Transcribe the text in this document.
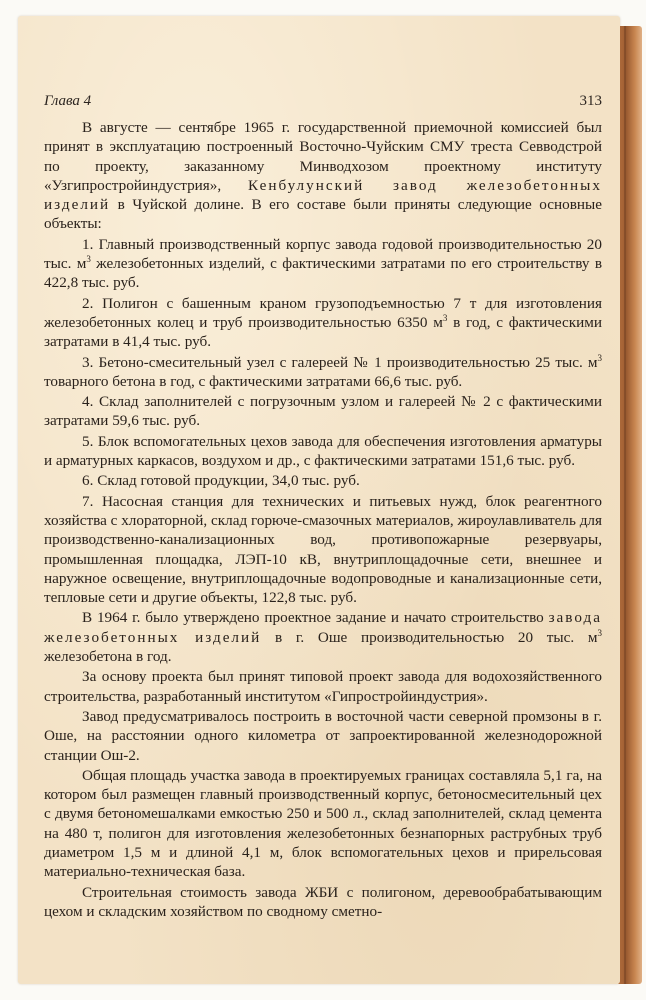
Глава 4	313

В августе — сентябре 1965 г. государственной приемочной комиссией был принят в эксплуатацию построенный Восточно-Чуйским СМУ треста Севводстрой по проекту, заказанному Минводхозом проектному институту «Узгипростройиндустрия», Кенбулунский завод железобетонных изделий в Чуйской долине. В его составе были приняты следующие основные объекты:

1. Главный производственный корпус завода годовой производительностью 20 тыс. $м^3$ железобетонных изделий, с фактическими затратами по его строительству в 422,8 тыс. руб.

2. Полигон с башенным краном грузоподъемностью 7 т для изготовления железобетонных колец и труб производительностью 6350 $м^3$ в год, с фактическими затратами в 41,4 тыс. руб.

3. Бетоно-смесительный узел с галереей № 1 производительностью 25 тыс. $м^3$ товарного бетона в год, с фактическими затратами 66,6 тыс. руб.

4. Склад заполнителей с погрузочным узлом и галереей № 2 с фактическими затратами 59,6 тыс. руб.

5. Блок вспомогательных цехов завода для обеспечения изготовления арматуры и арматурных каркасов, воздухом и др., с фактическими затратами 151,6 тыс. руб.

6. Склад готовой продукции, 34,0 тыс. руб.

7. Насосная станция для технических и питьевых нужд, блок реагентного хозяйства с хлораторной, склад горюче-смазочных материалов, жироулавливатель для производственно-канализационных вод, противопожарные резервуары, промышленная площадка, ЛЭП-10 кВ, внутриплощадочные сети, внешнее и наружное освещение, внутриплощадочные водопроводные и канализационные сети, тепловые сети и другие объекты, 122,8 тыс. руб.

В 1964 г. было утверждено проектное задание и начато строительство завода железобетонных изделий в г. Оше производительностью 20 тыс. $м^3$ железобетона в год.

За основу проекта был принят типовой проект завода для водохозяйственного строительства, разработанный институтом «Гипростройиндустрия».

Завод предусматривалось построить в восточной части северной промзоны в г. Оше, на расстоянии одного километра от запроектированной железнодорожной станции Ош-2.

Общая площадь участка завода в проектируемых границах составляла 5,1 га, на котором был размещен главный производственный корпус, бетоносмесительный цех с двумя бетономешалками емкостью 250 и 500 л., склад заполнителей, склад цемента на 480 т, полигон для изготовления железобетонных безнапорных раструбных труб диаметром 1,5 м и длиной 4,1 м, блок вспомогательных цехов и прирельсовая материально-техническая база.

Строительная стоимость завода ЖБИ с полигоном, деревообрабатывающим цехом и складским хозяйством по сводному сметно-
